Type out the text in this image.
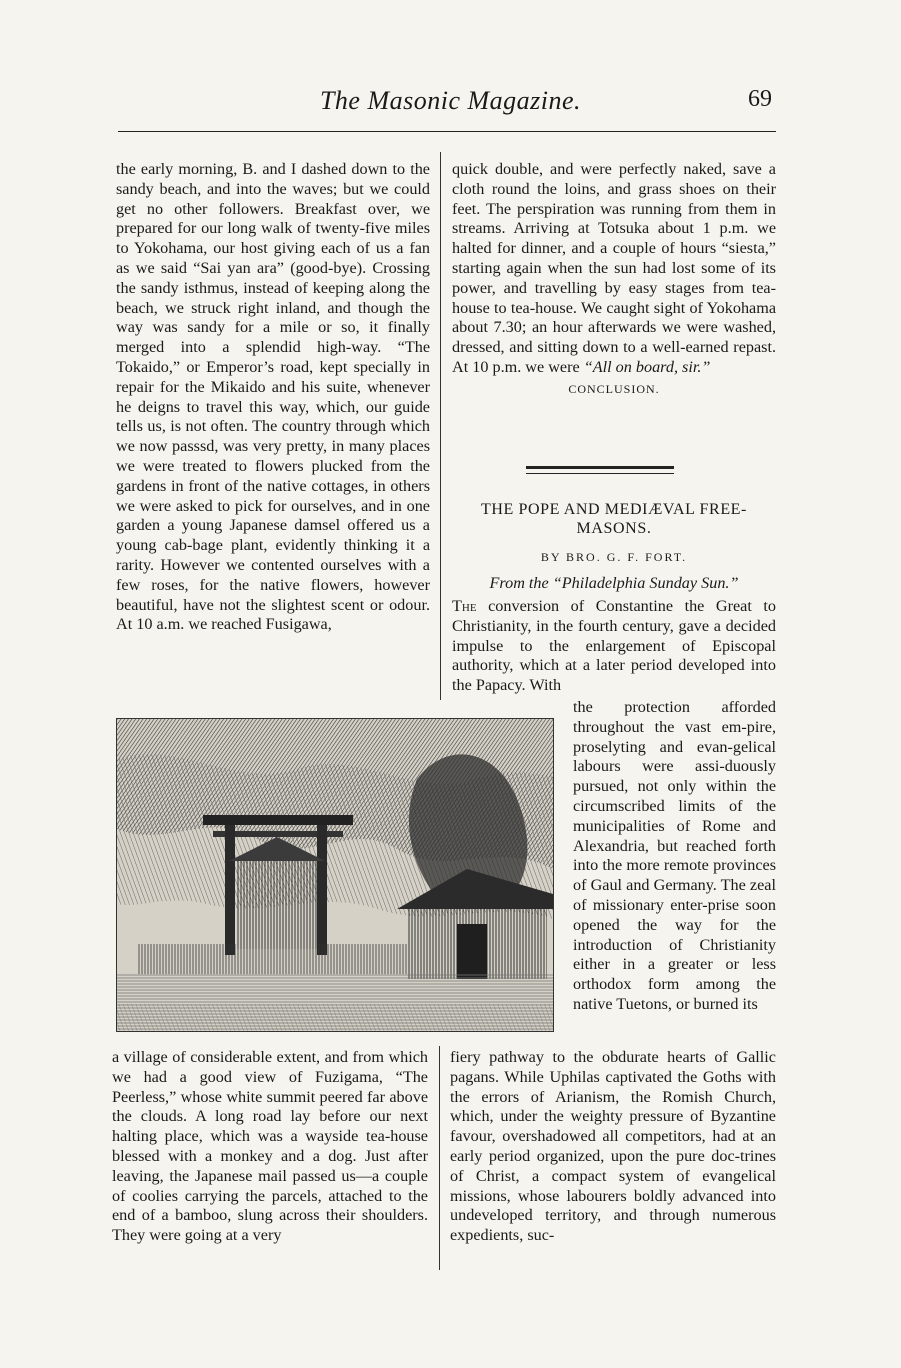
The Masonic Magazine.	69

the early morning, B. and I dashed down to the sandy beach, and into the waves; but we could get no other followers. Breakfast over, we prepared for our long walk of twenty-five miles to Yokohama, our host giving each of us a fan as we said “Sai yan ara” (good-bye). Crossing the sandy isthmus, instead of keeping along the beach, we struck right inland, and though the way was sandy for a mile or so, it finally merged into a splendid high-way. “The Tokaido,” or Emperor’s road, kept specially in repair for the Mikaido and his suite, whenever he deigns to travel this way, which, our guide tells us, is not often. The country through which we now passsd, was very pretty, in many places we were treated to flowers plucked from the gardens in front of the native cottages, in others we were asked to pick for ourselves, and in one garden a young Japanese damsel offered us a young cab-bage plant, evidently thinking it a rarity. However we contented ourselves with a few roses, for the native flowers, however beautiful, have not the slightest scent or odour. At 10 a.m. we reached Fusigawa,

quick double, and were perfectly naked, save a cloth round the loins, and grass shoes on their feet. The perspiration was running from them in streams. Arriving at Totsuka about 1 p.m. we halted for dinner, and a couple of hours “siesta,” starting again when the sun had lost some of its power, and travelling by easy stages from tea-house to tea-house. We caught sight of Yokohama about 7.30; an hour afterwards we were washed, dressed, and sitting down to a well-earned repast. At 10 p.m. we were “All on board, sir.”

CONCLUSION.

THE POPE AND MEDIÆVAL FREE-
MASONS.
BY BRO. G. F. FORT.
From the “Philadelphia Sunday Sun.”

The conversion of Constantine the Great to Christianity, in the fourth century, gave a decided impulse to the enlargement of Episcopal authority, which at a later period developed into the Papacy. With

the protection afforded throughout the vast em-pire, proselyting and evan-gelical labours were assi-duously pursued, not only within the circumscribed limits of the municipalities of Rome and Alexandria, but reached forth into the more remote provinces of Gaul and Germany. The zeal of missionary enter-prise soon opened the way for the introduction of Christianity either in a greater or less orthodox form among the native Tuetons, or burned its

a village of considerable extent, and from which we had a good view of Fuzigama, “The Peerless,” whose white summit peered far above the clouds. A long road lay before our next halting place, which was a wayside tea-house blessed with a monkey and a dog. Just after leaving, the Japanese mail passed us—a couple of coolies carrying the parcels, attached to the end of a bamboo, slung across their shoulders. They were going at a very

fiery pathway to the obdurate hearts of Gallic pagans. While Uphilas captivated the Goths with the errors of Arianism, the Romish Church, which, under the weighty pressure of Byzantine favour, overshadowed all competitors, had at an early period organized, upon the pure doc-trines of Christ, a compact system of evangelical missions, whose labourers boldly advanced into undeveloped territory, and through numerous expedients, suc-
